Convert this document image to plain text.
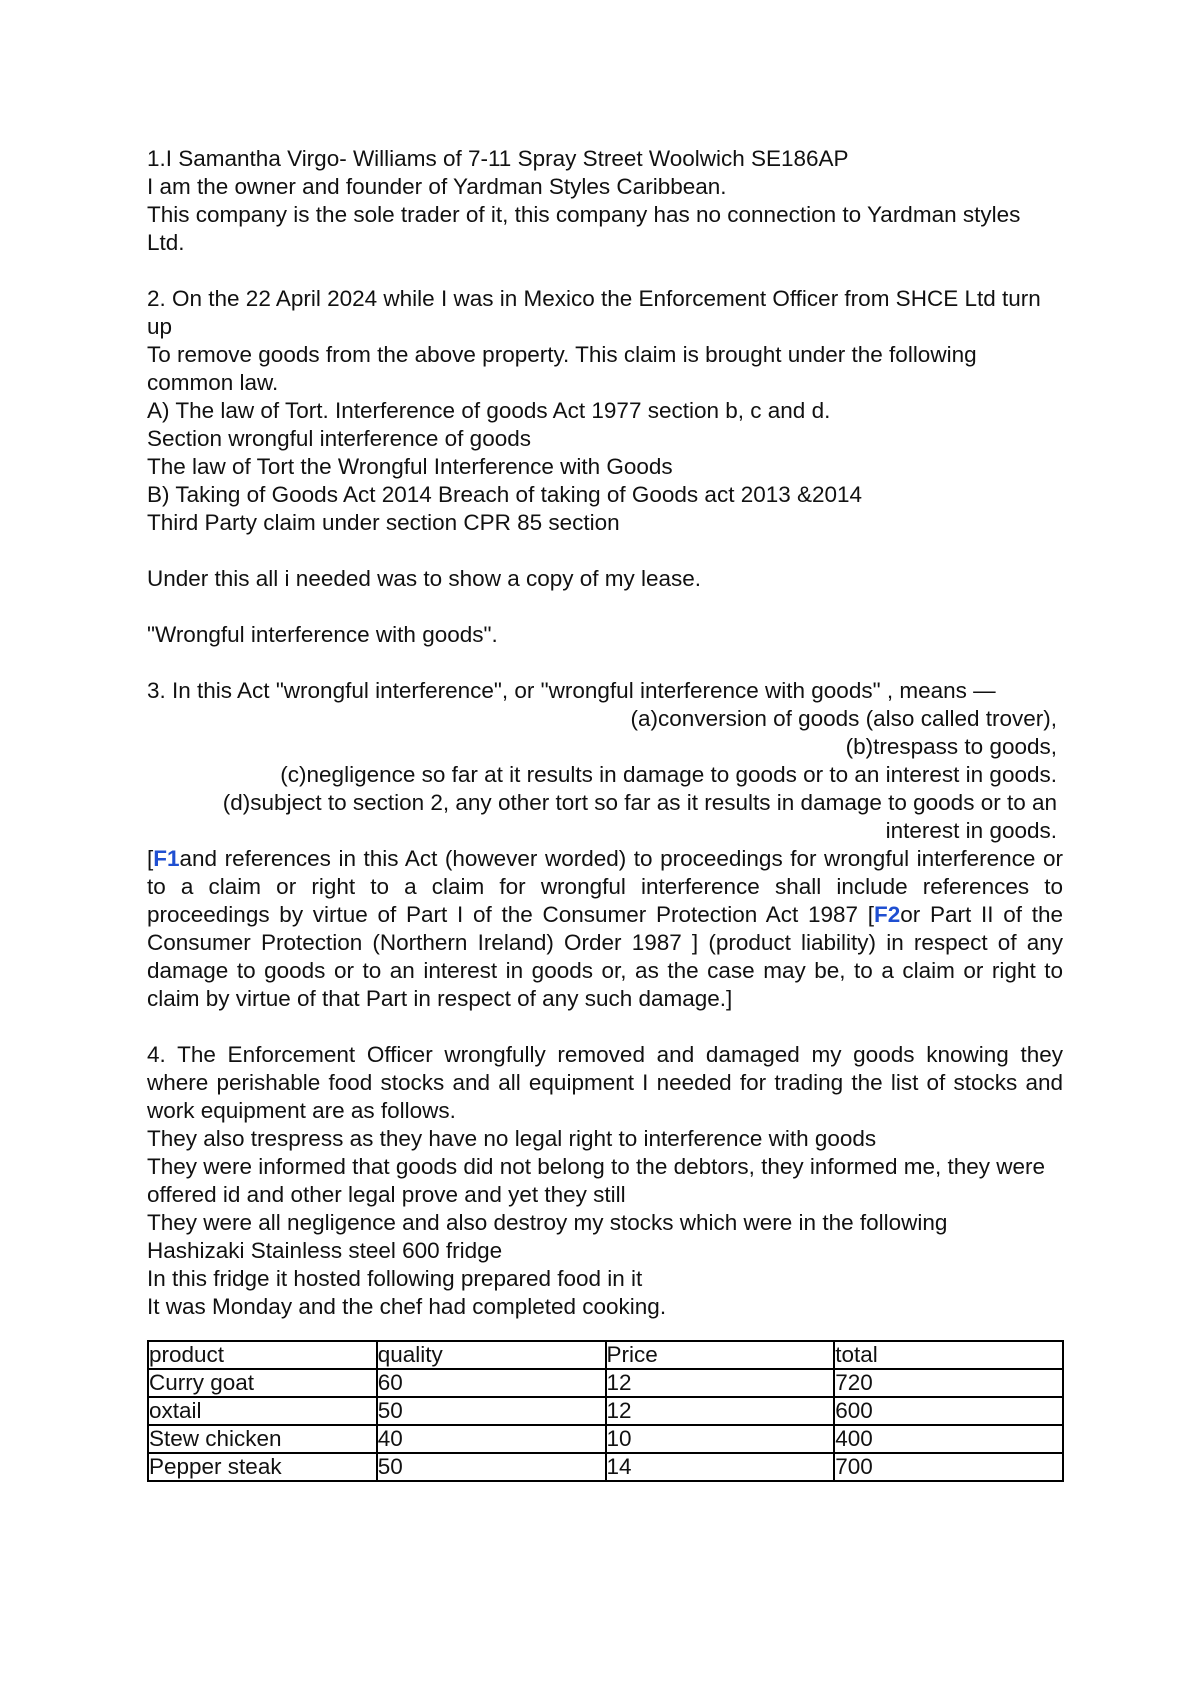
1.I Samantha Virgo- Williams of 7-11 Spray Street Woolwich SE186AP

I am the owner and founder of Yardman Styles Caribbean.

This company is the sole trader of it, this company has no connection to Yardman styles Ltd.

2. On the 22 April 2024 while I was in Mexico the Enforcement Officer from SHCE Ltd turn up

To remove goods from the above property. This claim is brought under the following common law.

A) The law of Tort. Interference of goods Act 1977 section b, c and d.

Section wrongful interference of goods

The law of Tort the Wrongful Interference with Goods

B) Taking of Goods Act 2014 Breach of taking of Goods act 2013 &2014

Third Party claim under section CPR 85 section

Under this all i needed was to show a copy of my lease.

"Wrongful interference with goods".

3. In this Act "wrongful interference", or "wrongful interference with goods" , means —

(a)conversion of goods (also called trover),

(b)trespass to goods,

(c)negligence so far at it results in damage to goods or to an interest in goods.

(d)subject to section 2, any other tort so far as it results in damage to goods or to an interest in goods.

[F1and references in this Act (however worded) to proceedings for wrongful interference or to a claim or right to a claim for wrongful interference shall include references to proceedings by virtue of Part I of the Consumer Protection Act 1987 [F2or Part II of the Consumer Protection (Northern Ireland) Order 1987 ] (product liability) in respect of any damage to goods or to an interest in goods or, as the case may be, to a claim or right to claim by virtue of that Part in respect of any such damage.]

4. The Enforcement Officer wrongfully removed and damaged my goods knowing they where perishable food stocks and all equipment I needed for trading the list of stocks and work equipment are as follows.

They also trespress as they have no legal right to interference with goods

They were informed that goods did not belong to the debtors, they informed me, they were offered id and other legal prove and yet they still

They were all negligence and also destroy my stocks which were in the following

Hashizaki Stainless steel 600 fridge

In this fridge it hosted following prepared food in it

It was Monday and the chef had completed cooking.

product	quality	Price	total
Curry goat	60	12	720
oxtail	50	12	600
Stew chicken	40	10	400
Pepper steak	50	14	700
